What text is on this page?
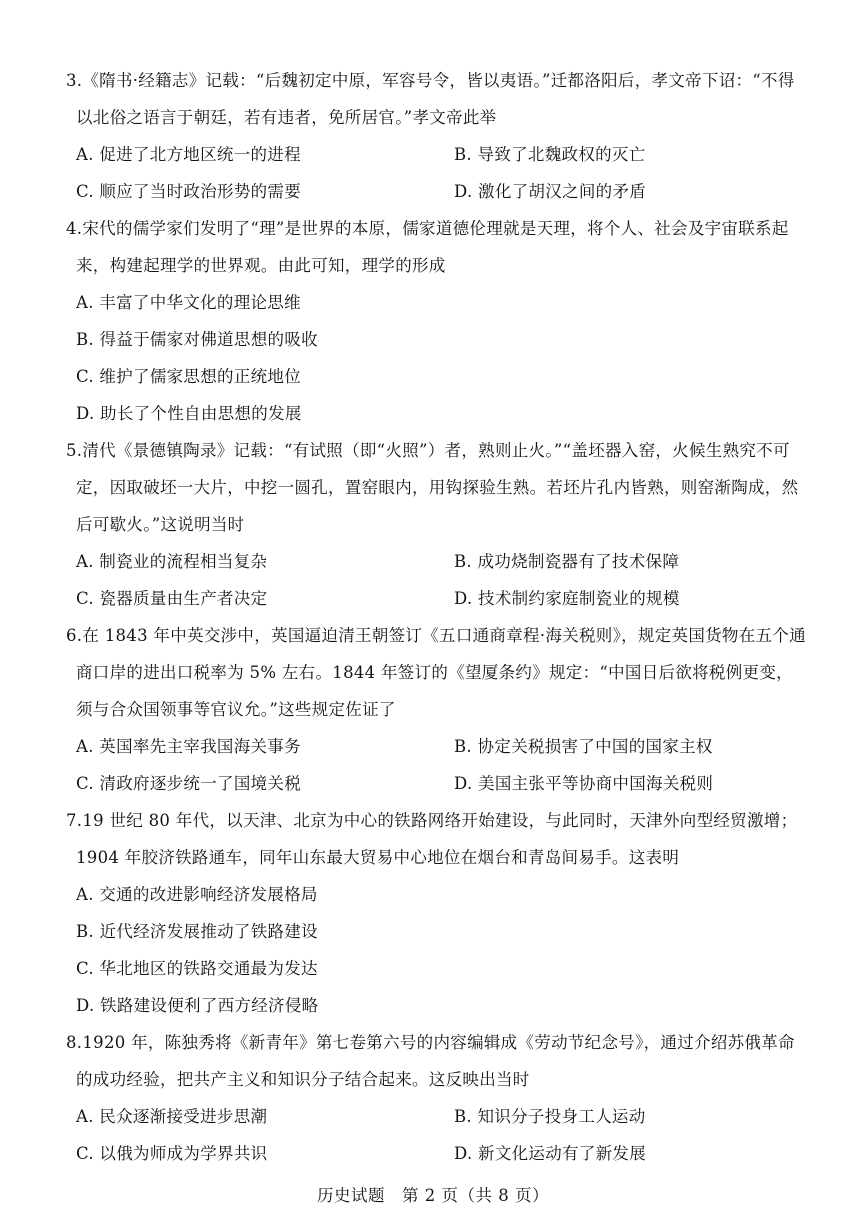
3.《隋书·经籍志》记载：“后魏初定中原，军容号令，皆以夷语。”迁都洛阳后，孝文帝下诏：“不得以北俗之语言于朝廷，若有违者，免所居官。”孝文帝此举

A. 促进了北方地区统一的进程	B. 导致了北魏政权的灭亡
C. 顺应了当时政治形势的需要	D. 激化了胡汉之间的矛盾

4.宋代的儒学家们发明了“理”是世界的本原，儒家道德伦理就是天理，将个人、社会及宇宙联系起来，构建起理学的世界观。由此可知，理学的形成

A. 丰富了中华文化的理论思维
B. 得益于儒家对佛道思想的吸收
C. 维护了儒家思想的正统地位
D. 助长了个性自由思想的发展

5.清代《景德镇陶录》记载：“有试照（即“火照”）者，熟则止火。”“盖坯器入窑，火候生熟究不可定，因取破坯一大片，中挖一圆孔，置窑眼内，用钩探验生熟。若坯片孔内皆熟，则窑渐陶成，然后可歇火。”这说明当时

A. 制瓷业的流程相当复杂	B. 成功烧制瓷器有了技术保障
C. 瓷器质量由生产者决定	D. 技术制约家庭制瓷业的规模

6.在 1843 年中英交涉中，英国逼迫清王朝签订《五口通商章程·海关税则》，规定英国货物在五个通商口岸的进出口税率为 5% 左右。1844 年签订的《望厦条约》规定：“中国日后欲将税例更变，须与合众国领事等官议允。”这些规定佐证了

A. 英国率先主宰我国海关事务	B. 协定关税损害了中国的国家主权
C. 清政府逐步统一了国境关税	D. 美国主张平等协商中国海关税则

7.19 世纪 80 年代，以天津、北京为中心的铁路网络开始建设，与此同时，天津外向型经贸激增；1904 年胶济铁路通车，同年山东最大贸易中心地位在烟台和青岛间易手。这表明

A. 交通的改进影响经济发展格局
B. 近代经济发展推动了铁路建设
C. 华北地区的铁路交通最为发达
D. 铁路建设便利了西方经济侵略

8.1920 年，陈独秀将《新青年》第七卷第六号的内容编辑成《劳动节纪念号》，通过介绍苏俄革命的成功经验，把共产主义和知识分子结合起来。这反映出当时

A. 民众逐渐接受进步思潮	B. 知识分子投身工人运动
C. 以俄为师成为学界共识	D. 新文化运动有了新发展
历史试题　第 2 页（共 8 页）
